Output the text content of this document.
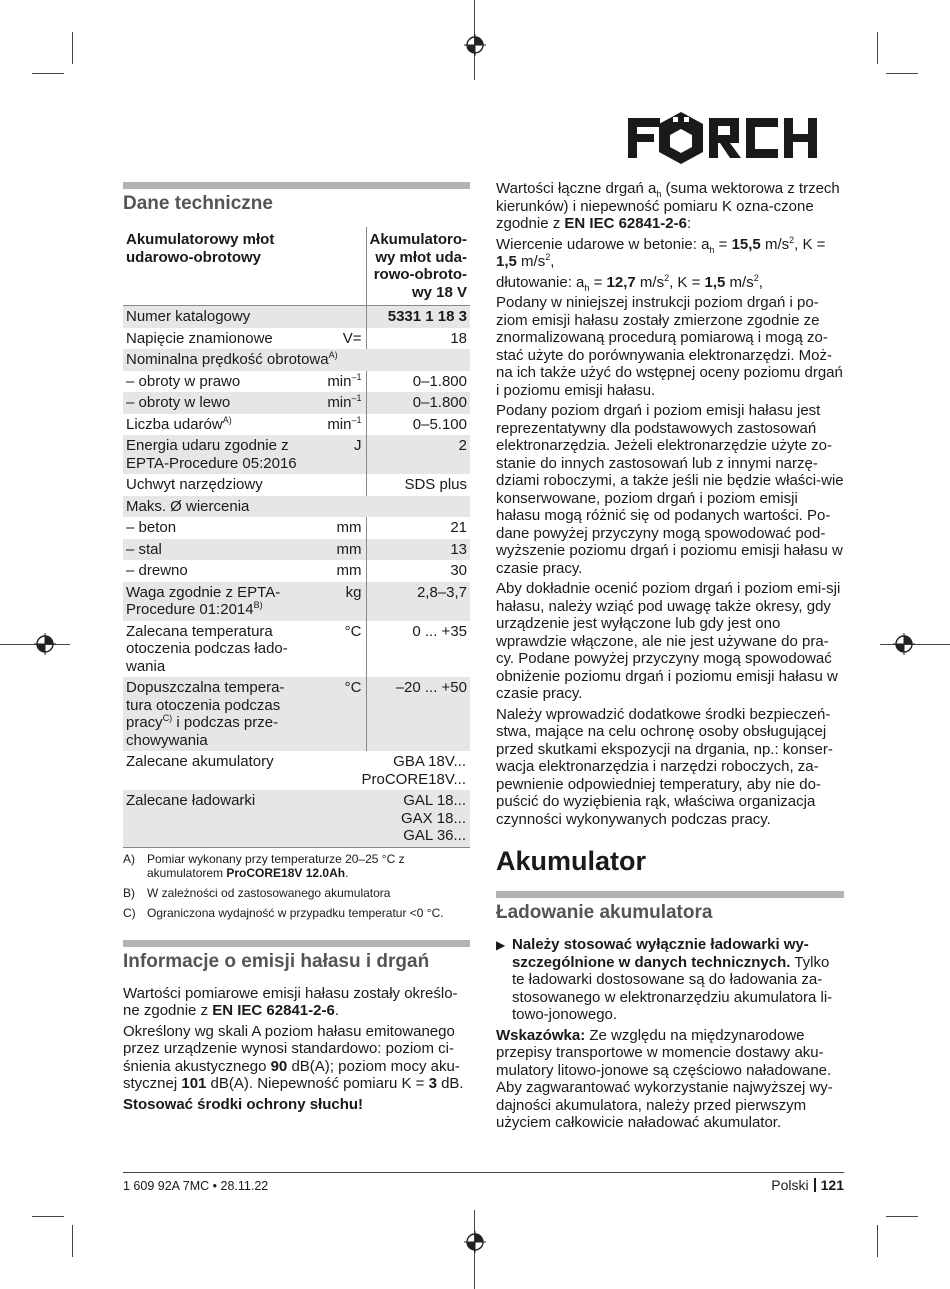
Dane techniczne
Akumulatorowy młot udarowo-obrotowy		Akumulatoro-wy młot uda-rowo-obroto-wy 18 V
Numer katalogowy		5331 1 18 3
Napięcie znamionowe	V=	18
Nominalna prędkość obrotowa$^{A)}$
– obroty w prawo	$\min^{-1}$	0–1.800
– obroty w lewo	$\min^{-1}$	0–1.800
Liczba udarów$^{A)}$	$\min^{-1}$	0–5.100
Energia udaru zgodnie z EPTA-Procedure 05:2016	J	2
Uchwyt narzędziowy		SDS plus
Maks. Ø wiercenia		
– beton	mm	21
– stal	mm	13
– drewno	mm	30
Waga zgodnie z EPTA-Procedure $01:2014^{B)}$	kg	2,8–3,7
Zalecana temperatura otoczenia podczas łado-wania	°C	0 ... +35
Dopuszczalna tempera-tura otoczenia podczas pracy$^{C)}$ i podczas prze-chowywania	°C	–20 ... +50
Zalecane akumulatory	GBA 18V...
ProCORE18V...	

Zalecane ładowarki	GAL 18...
GAX 18...
GAL 36...	
A)	Pomiar wykonany przy temperaturze 20–25 °C z akumulatorem ProCORE18V 12.0Ah.
B)	W zależności od zastosowanego akumulatora
C) Ograniczona wydajność w przypadku temperatur <0 °C.
Informacje o emisji hałasu i drgań

Wartości pomiarowe emisji hałasu zostały określo-ne zgodnie z EN IEC 62841-2-6.

Określony wg skali A poziom hałasu emitowanego przez urządzenie wynosi standardowo: poziom ci-śnienia akustycznego 90 dB(A); poziom mocy aku-stycznej 101 dB(A). Niepewność pomiaru K = 3 dB.

Stosować środki ochrony słuchu!

Wartości łączne drgań $a_h$ (suma wektorowa z trzech kierunków) i niepewność pomiaru K ozna-czone zgodnie z EN IEC 62841-2-6:

Wiercenie udarowe w betonie: $a_h = 15,5$ $m/s^2$, K = 1,5 $m/s^2$,

dłutowanie: $a_h = 12,7$ $m/s^2$, K = 1,5 $m/s^2$,

Podany w niniejszej instrukcji poziom drgań i po-ziom emisji hałasu zostały zmierzone zgodnie ze znormalizowaną procedurą pomiarową i mogą zo-stać użyte do porównywania elektronarzędzi. Moż-na ich także użyć do wstępnej oceny poziomu drgań i poziomu emisji hałasu.

Podany poziom drgań i poziom emisji hałasu jest reprezentatywny dla podstawowych zastosowań elektronarzędzia. Jeżeli elektronarzędzie użyte zo-stanie do innych zastosowań lub z innymi narzę-dziami roboczymi, a także jeśli nie będzie właści-wie konserwowane, poziom drgań i poziom emisji hałasu mogą różnić się od podanych wartości. Po-dane powyżej przyczyny mogą spowodować pod-wyższenie poziomu drgań i poziomu emisji hałasu w czasie pracy.

Aby dokładnie ocenić poziom drgań i poziom emi-sji hałasu, należy wziąć pod uwagę także okresy, gdy urządzenie jest wyłączone lub gdy jest ono wprawdzie włączone, ale nie jest używane do pra-cy. Podane powyżej przyczyny mogą spowodować obniżenie poziomu drgań i poziomu emisji hałasu w czasie pracy.

Należy wprowadzić dodatkowe środki bezpieczeń-stwa, mające na celu ochronę osoby obsługującej przed skutkami ekspozycji na drgania, np.: konser-wacja elektronarzędzia i narzędzi roboczych, za-pewnienie odpowiedniej temperatury, aby nie do-puścić do wyziębienia rąk, właściwa organizacja czynności wykonywanych podczas pracy.

Akumulator
Ładowanie akumulatora
▶ Należy stosować wyłącznie ładowarki wy-szczególnione w danych technicznych. Tylko te ładowarki dostosowane są do ładowania za-stosowanego w elektronarzędziu akumulatora li-towo-jonowego.

Wskazówka: Ze względu na międzynarodowe przepisy transportowe w momencie dostawy aku-mulatory litowo-jonowe są częściowo naładowane. Aby zagwarantować wykorzystanie najwyższej wy-dajności akumulatora, należy przed pierwszym użyciem całkowicie naładować akumulator.

1 609 92A 7MC • 28.11.22	Polski 121
